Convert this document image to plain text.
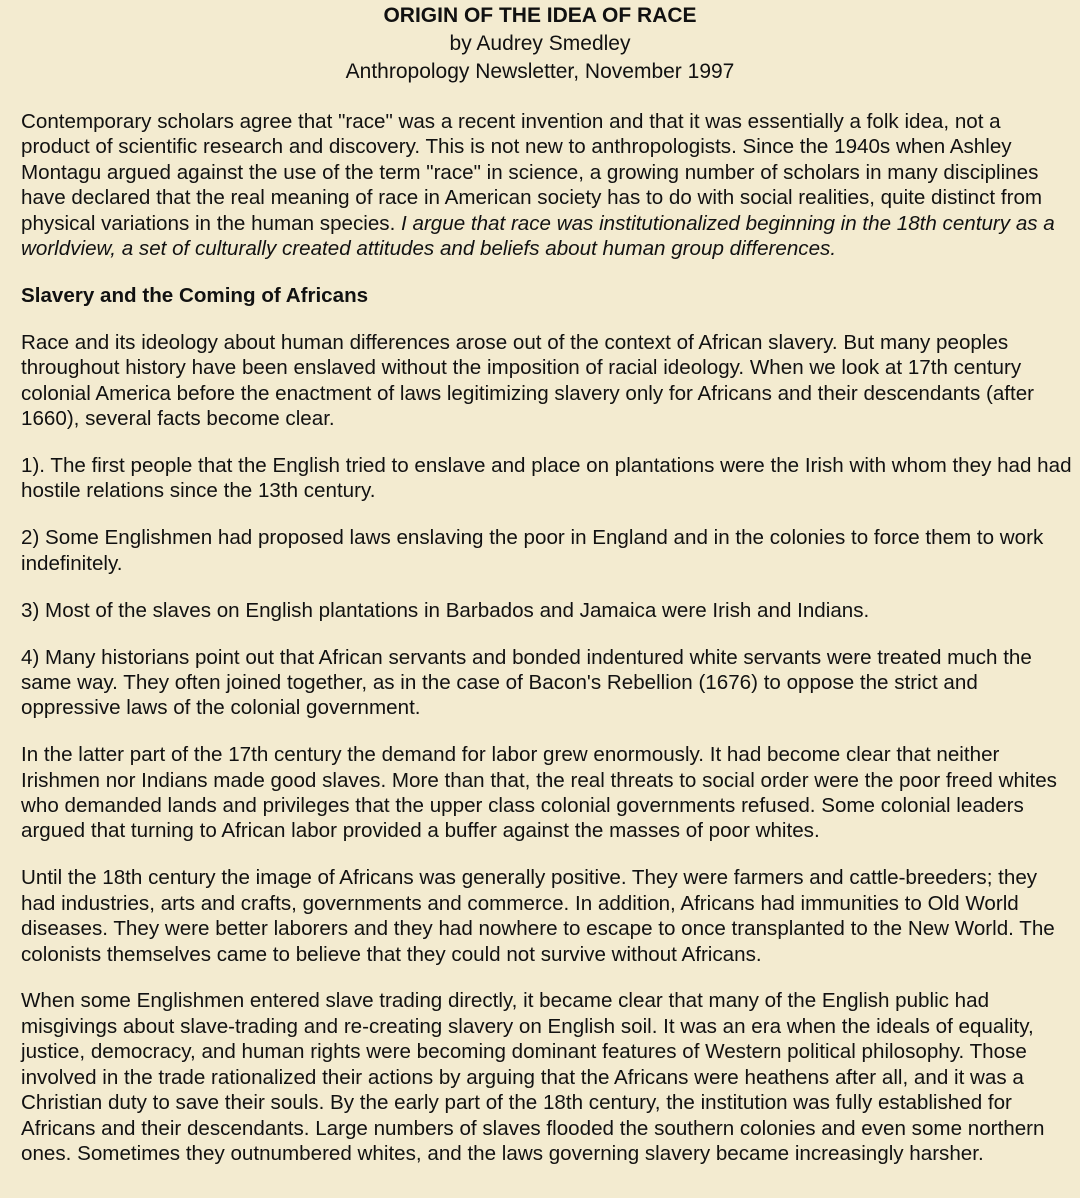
ORIGIN OF THE IDEA OF RACE
by Audrey Smedley
Anthropology Newsletter, November 1997

Contemporary scholars agree that "race" was a recent invention and that it was essentially a folk idea, not a product of scientific research and discovery. This is not new to anthropologists. Since the 1940s when Ashley Montagu argued against the use of the term "race" in science, a growing number of scholars in many disciplines have declared that the real meaning of race in American society has to do with social realities, quite distinct from physical variations in the human species. I argue that race was institutionalized beginning in the 18th century as a worldview, a set of culturally created attitudes and beliefs about human group differences.

Slavery and the Coming of Africans

Race and its ideology about human differences arose out of the context of African slavery. But many peoples throughout history have been enslaved without the imposition of racial ideology. When we look at 17th century colonial America before the enactment of laws legitimizing slavery only for Africans and their descendants (after 1660), several facts become clear.

1). The first people that the English tried to enslave and place on plantations were the Irish with whom they had had hostile relations since the 13th century.

2) Some Englishmen had proposed laws enslaving the poor in England and in the colonies to force them to work indefinitely.

3) Most of the slaves on English plantations in Barbados and Jamaica were Irish and Indians.

4) Many historians point out that African servants and bonded indentured white servants were treated much the same way. They often joined together, as in the case of Bacon's Rebellion (1676) to oppose the strict and oppressive laws of the colonial government.

In the latter part of the 17th century the demand for labor grew enormously. It had become clear that neither Irishmen nor Indians made good slaves. More than that, the real threats to social order were the poor freed whites who demanded lands and privileges that the upper class colonial governments refused. Some colonial leaders argued that turning to African labor provided a buffer against the masses of poor whites.

Until the 18th century the image of Africans was generally positive. They were farmers and cattle-breeders; they had industries, arts and crafts, governments and commerce. In addition, Africans had immunities to Old World diseases. They were better laborers and they had nowhere to escape to once transplanted to the New World. The colonists themselves came to believe that they could not survive without Africans.

When some Englishmen entered slave trading directly, it became clear that many of the English public had misgivings about slave-trading and re-creating slavery on English soil. It was an era when the ideals of equality, justice, democracy, and human rights were becoming dominant features of Western political philosophy. Those involved in the trade rationalized their actions by arguing that the Africans were heathens after all, and it was a Christian duty to save their souls. By the early part of the 18th century, the institution was fully established for Africans and their descendants. Large numbers of slaves flooded the southern colonies and even some northern ones. Sometimes they outnumbered whites, and the laws governing slavery became increasingly harsher.
